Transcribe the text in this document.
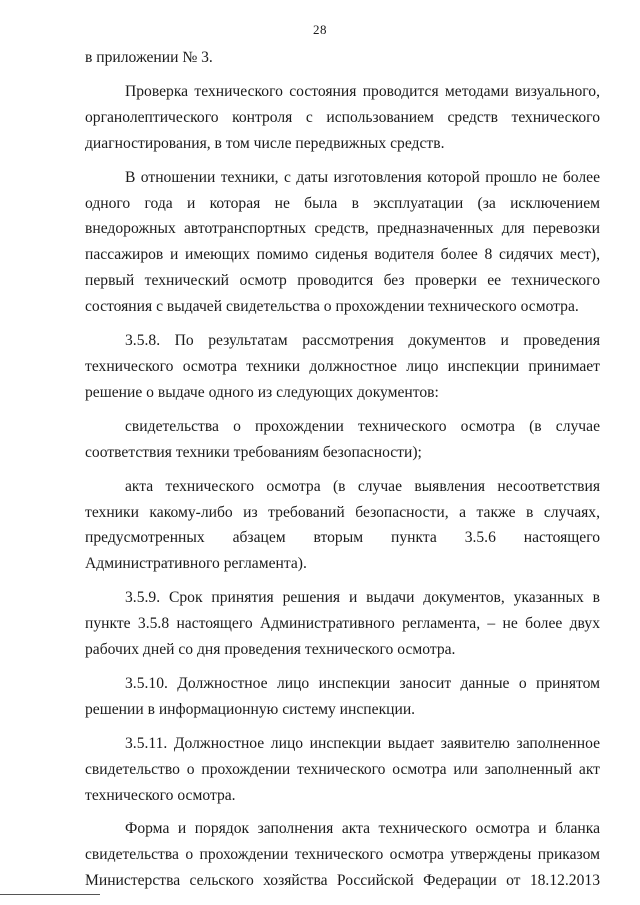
28

в приложении № 3.

Проверка технического состояния проводится методами визуального, органолептического контроля с использованием средств технического диагностирования, в том числе передвижных средств.

В отношении техники, с даты изготовления которой прошло не более одного года и которая не была в эксплуатации (за исключением внедорожных автотранспортных средств, предназначенных для перевозки пассажиров и имеющих помимо сиденья водителя более 8 сидячих мест), первый технический осмотр проводится без проверки ее технического состояния с выдачей свидетельства о прохождении технического осмотра.

3.5.8. По результатам рассмотрения документов и проведения технического осмотра техники должностное лицо инспекции принимает решение о выдаче одного из следующих документов:

свидетельства о прохождении технического осмотра (в случае соответствия техники требованиям безопасности);

акта технического осмотра (в случае выявления несоответствия техники какому-либо из требований безопасности, а также в случаях, предусмотренных абзацем вторым пункта 3.5.6 настоящего Административного регламента).

3.5.9. Срок принятия решения и выдачи документов, указанных в пункте 3.5.8 настоящего Административного регламента, – не более двух рабочих дней со дня проведения технического осмотра.

3.5.10. Должностное лицо инспекции заносит данные о принятом решении в информационную систему инспекции.

3.5.11. Должностное лицо инспекции выдает заявителю заполненное свидетельство о прохождении технического осмотра или заполненный акт технического осмотра.

Форма и порядок заполнения акта технического осмотра и бланка свидетельства о прохождении технического осмотра утверждены приказом Министерства сельского хозяйства Российской Федерации от 18.12.2013
